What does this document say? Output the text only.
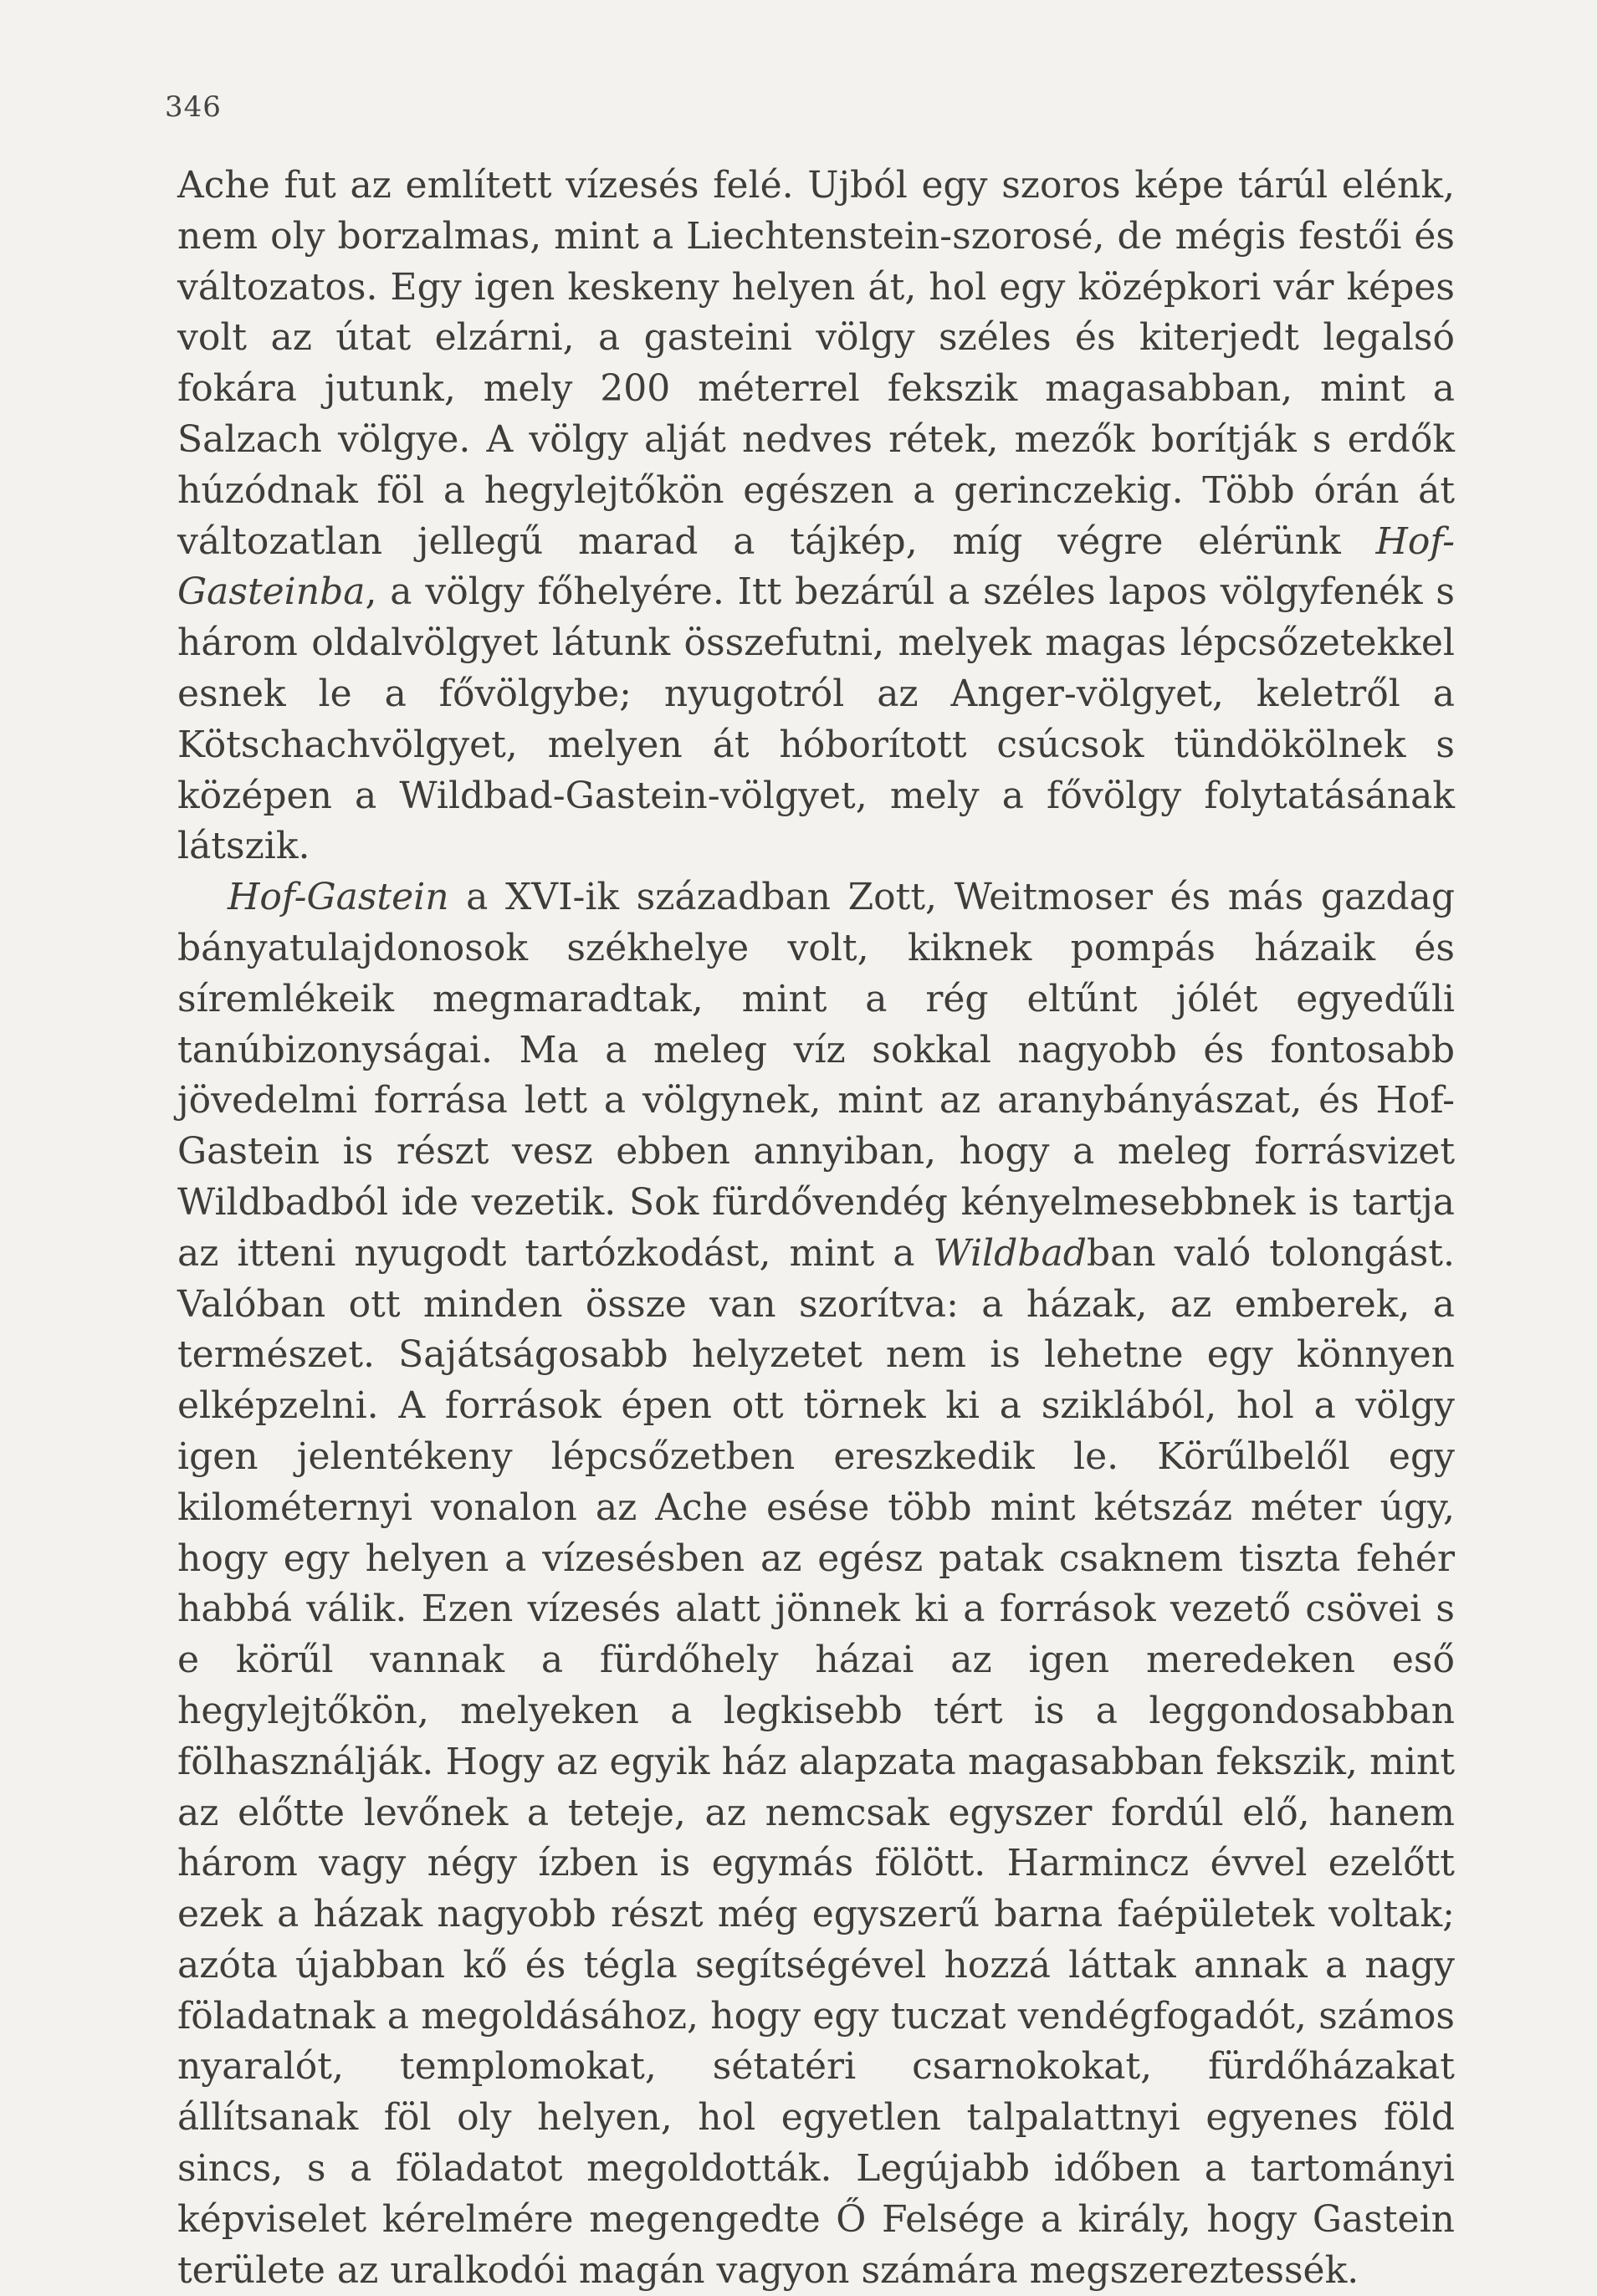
346

Ache fut az említett vízesés felé. Ujból egy szoros képe tárúl elénk, nem oly borzalmas, mint a Liechtenstein-szorosé, de mégis festői és változatos. Egy igen keskeny helyen át, hol egy középkori vár képes volt az útat elzárni, a gasteini völgy széles és kiterjedt legalsó fokára jutunk, mely 200 méterrel fekszik magasabban, mint a Salzach völgye. A völgy alját nedves rétek, mezők borítják s erdők húzódnak föl a hegylejtőkön egészen a gerinczekig. Több órán át változatlan jellegű marad a tájkép, míg végre elérünk Hof-Gasteinba, a völgy főhelyére. Itt bezárúl a széles lapos völgyfenék s három oldalvölgyet látunk összefutni, melyek magas lépcsőzetekkel esnek le a fővölgybe; nyugotról az Anger-völgyet, keletről a Kötschachvölgyet, melyen át hóborított csúcsok tündökölnek s középen a Wildbad-Gastein-völgyet, mely a fővölgy folytatásának látszik.

Hof-Gastein a XVI-ik században Zott, Weitmoser és más gazdag bányatulajdonosok székhelye volt, kiknek pompás házaik és síremlékeik megmaradtak, mint a rég eltűnt jólét egyedűli tanúbizonyságai. Ma a meleg víz sokkal nagyobb és fontosabb jövedelmi forrása lett a völgynek, mint az aranybányászat, és Hof-Gastein is részt vesz ebben annyiban, hogy a meleg forrásvizet Wildbadból ide vezetik. Sok fürdővendég kényelmesebbnek is tartja az itteni nyugodt tartózkodást, mint a Wildbadban való tolongást. Valóban ott minden össze van szorítva: a házak, az emberek, a természet. Sajátságosabb helyzetet nem is lehetne egy könnyen elképzelni. A források épen ott törnek ki a sziklából, hol a völgy igen jelentékeny lépcsőzetben ereszkedik le. Körűlbelől egy kilométernyi vonalon az Ache esése több mint kétszáz méter úgy, hogy egy helyen a vízesésben az egész patak csaknem tiszta fehér habbá válik. Ezen vízesés alatt jönnek ki a források vezető csövei s e körűl vannak a fürdőhely házai az igen meredeken eső hegylejtőkön, melyeken a legkisebb tért is a leggondosabban fölhasználják. Hogy az egyik ház alapzata magasabban fekszik, mint az előtte levőnek a teteje, az nemcsak egyszer fordúl elő, hanem három vagy négy ízben is egymás fölött. Harmincz évvel ezelőtt ezek a házak nagyobb részt még egyszerű barna faépületek voltak; azóta újabban kő és tégla segítségével hozzá láttak annak a nagy föladatnak a megoldásához, hogy egy tuczat vendégfogadót, számos nyaralót, templomokat, sétatéri csarnokokat, fürdőházakat állítsanak föl oly helyen, hol egyetlen talpalattnyi egyenes föld sincs, s a föladatot megoldották. Legújabb időben a tartományi képviselet kérelmére megengedte Ő Felsége a király, hogy Gastein területe az uralkodói magán vagyon számára megszereztessék.
